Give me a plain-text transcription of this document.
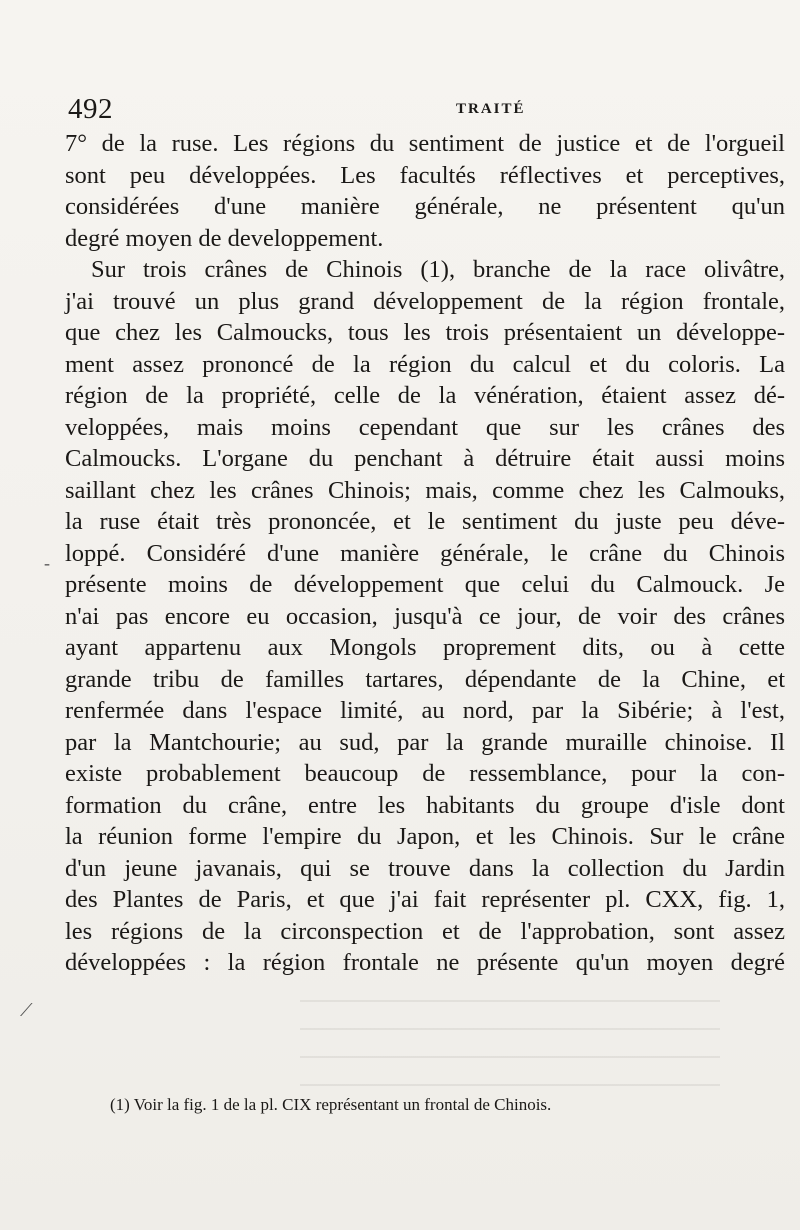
492	TRAITÉ
7° de la ruse. Les régions du sentiment de justice et de l'orgueil
sont peu développées. Les facultés réflectives et perceptives,
considérées d'une manière générale, ne présentent qu'un
degré moyen de developpement.
Sur trois crânes de Chinois (1), branche de la race olivâtre,
j'ai trouvé un plus grand développement de la région frontale,
que chez les Calmoucks, tous les trois présentaient un développe-
ment assez prononcé de la région du calcul et du coloris. La
région de la propriété, celle de la vénération, étaient assez dé-
veloppées, mais moins cependant que sur les crânes des
Calmoucks. L'organe du penchant à détruire était aussi moins
saillant chez les crânes Chinois; mais, comme chez les Calmouks,
la ruse était très prononcée, et le sentiment du juste peu déve-
loppé. Considéré d'une manière générale, le crâne du Chinois
présente moins de développement que celui du Calmouck. Je
n'ai pas encore eu occasion, jusqu'à ce jour, de voir des crânes
ayant appartenu aux Mongols proprement dits, ou à cette
grande tribu de familles tartares, dépendante de la Chine, et
renfermée dans l'espace limité, au nord, par la Sibérie; à l'est,
par la Mantchourie; au sud, par la grande muraille chinoise. Il
existe probablement beaucoup de ressemblance, pour la con-
formation du crâne, entre les habitants du groupe d'isle dont
la réunion forme l'empire du Japon, et les Chinois. Sur le crâne
d'un jeune javanais, qui se trouve dans la collection du Jardin
des Plantes de Paris, et que j'ai fait représenter pl. CXX, fig. 1,
les régions de la circonspection et de l'approbation, sont assez
développées : la région frontale ne présente qu'un moyen degré
(1) Voir la fig. 1 de la pl. CIX représentant un frontal de Chinois.
-
⟋
